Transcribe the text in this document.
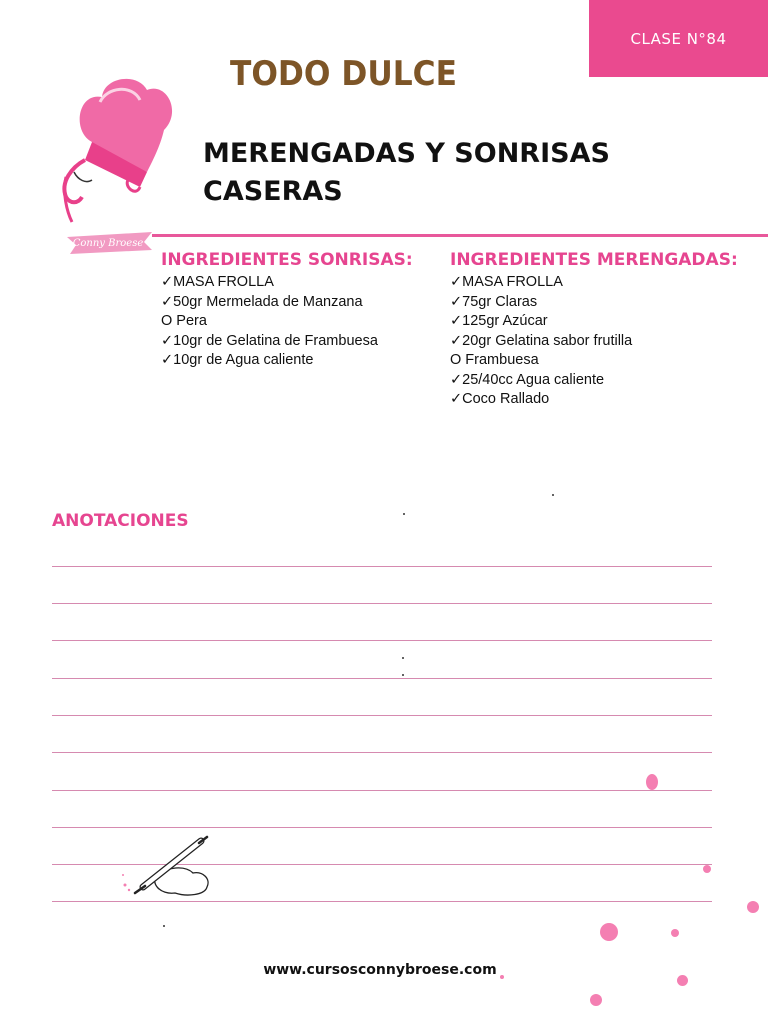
CLASE N°84
Conny Broese
TODO DULCE
MERENGADAS Y SONRISAS
CASERAS
INGREDIENTES SONRISAS:
✓MASA FROLLA
✓50gr Mermelada de Manzana
O Pera
✓10gr de Gelatina de Frambuesa
✓10gr de Agua caliente
INGREDIENTES MERENGADAS:
✓MASA FROLLA
✓75gr Claras
✓125gr Azúcar
✓20gr Gelatina sabor frutilla
O Frambuesa
✓25/40cc Agua caliente
✓Coco Rallado
ANOTACIONES
www.cursosconnybroese.com
